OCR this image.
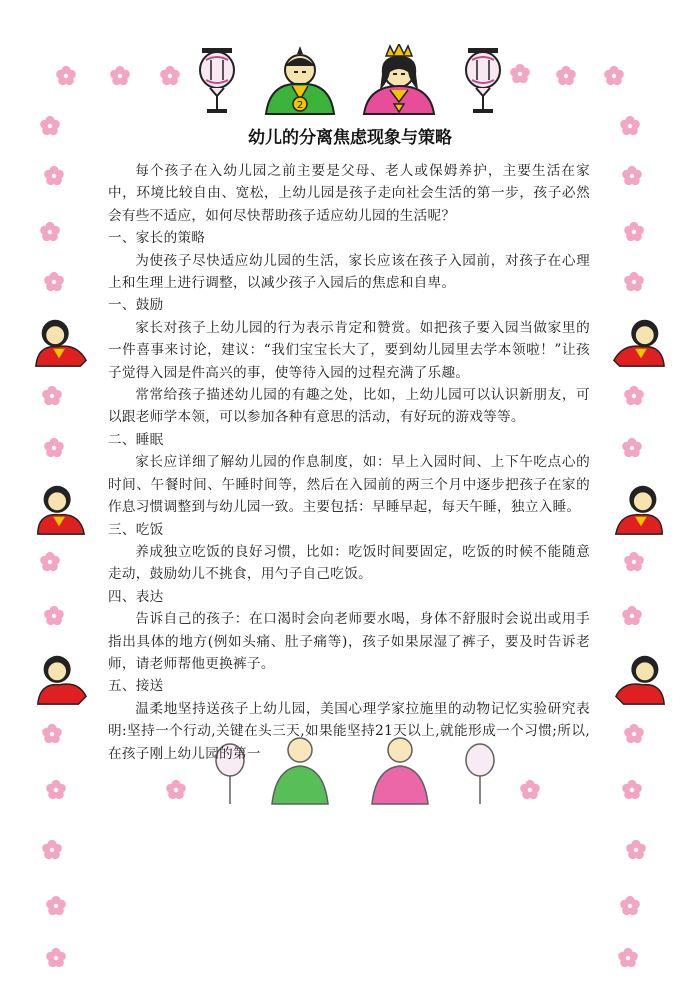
2
幼儿的分离焦虑现象与策略

每个孩子在入幼儿园之前主要是父母、老人或保姆养护，主要生活在家中，环境比较自由、宽松，上幼儿园是孩子走向社会生活的第一步，孩子必然会有些不适应，如何尽快帮助孩子适应幼儿园的生活呢？

一、家长的策略

为使孩子尽快适应幼儿园的生活，家长应该在孩子入园前，对孩子在心理上和生理上进行调整，以减少孩子入园后的焦虑和自卑。

一、鼓励

家长对孩子上幼儿园的行为表示肯定和赞赏。如把孩子要入园当做家里的一件喜事来讨论，建议：“我们宝宝长大了，要到幼儿园里去学本领啦！”让孩子觉得入园是件高兴的事，使等待入园的过程充满了乐趣。

常常给孩子描述幼儿园的有趣之处，比如，上幼儿园可以认识新朋友，可以跟老师学本领，可以参加各种有意思的活动，有好玩的游戏等等。

二、睡眠

家长应详细了解幼儿园的作息制度，如：早上入园时间、上下午吃点心的时间、午餐时间、午睡时间等，然后在入园前的两三个月中逐步把孩子在家的作息习惯调整到与幼儿园一致。主要包括：早睡早起，每天午睡，独立入睡。

三、吃饭

养成独立吃饭的良好习惯，比如：吃饭时间要固定，吃饭的时候不能随意走动，鼓励幼儿不挑食，用勺子自己吃饭。

四、表达

告诉自己的孩子：在口渴时会向老师要水喝，身体不舒服时会说出或用手指出具体的地方(例如头痛、肚子痛等)，孩子如果尿湿了裤子，要及时告诉老师，请老师帮他更换裤子。

五、接送

温柔地坚持送孩子上幼儿园，美国心理学家拉施里的动物记忆实验研究表明:坚持一个行动,关键在头三天,如果能坚持21天以上,就能形成一个习惯;所以,在孩子刚上幼儿园的第一
